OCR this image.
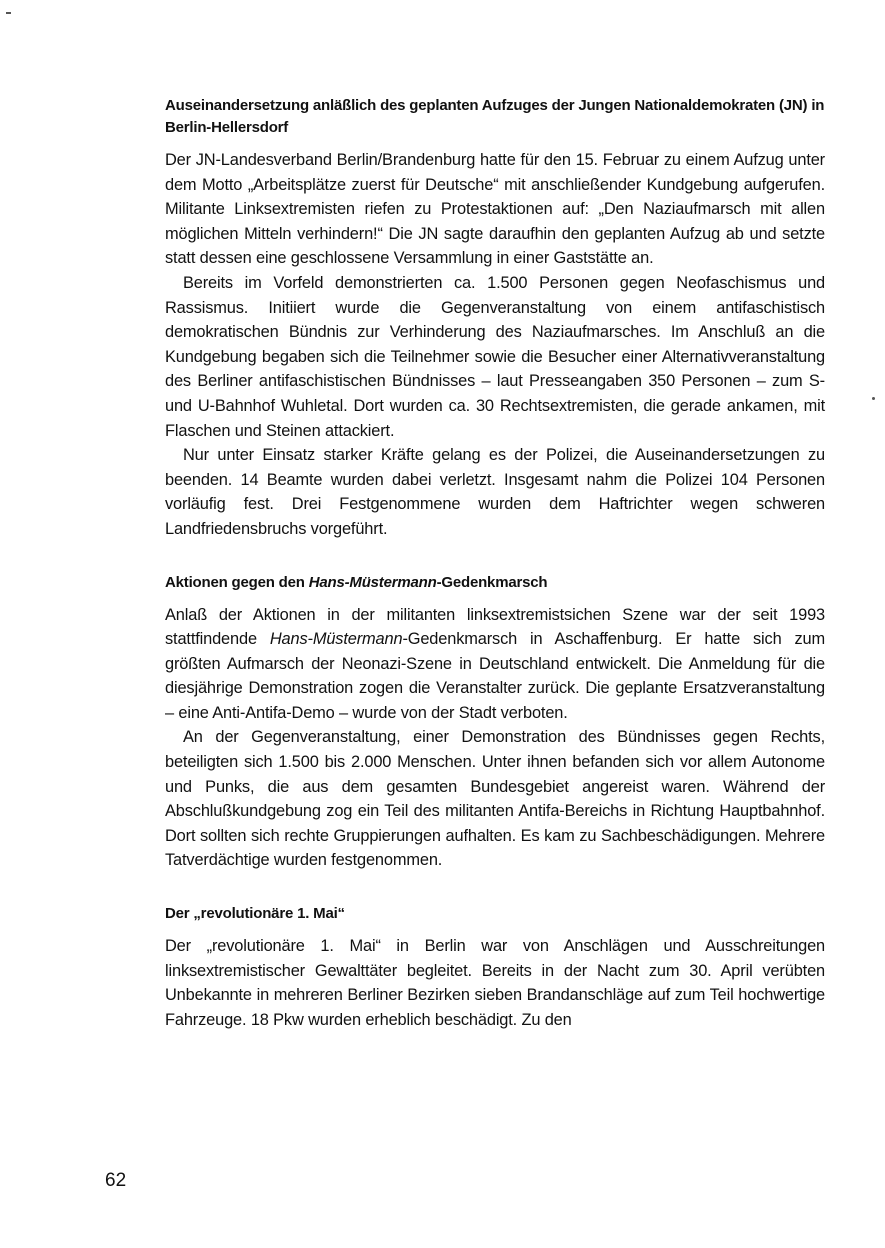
Auseinandersetzung anläßlich des geplanten Aufzuges der Jungen Nationaldemokraten (JN) in Berlin-Hellersdorf

Der JN-Landesverband Berlin/Brandenburg hatte für den 15. Februar zu einem Aufzug unter dem Motto „Arbeitsplätze zuerst für Deutsche“ mit anschließender Kundgebung aufgerufen. Militante Linksextremisten riefen zu Protestaktionen auf: „Den Naziaufmarsch mit allen möglichen Mitteln verhindern!“ Die JN sagte daraufhin den geplanten Aufzug ab und setzte statt dessen eine geschlossene Versammlung in einer Gaststätte an.

Bereits im Vorfeld demonstrierten ca. 1.500 Personen gegen Neofaschismus und Rassismus. Initiiert wurde die Gegenveranstaltung von einem antifaschistisch demokratischen Bündnis zur Verhinderung des Naziaufmarsches. Im Anschluß an die Kundgebung begaben sich die Teilnehmer sowie die Besucher einer Alternativveranstaltung des Berliner antifaschistischen Bündnisses – laut Presseangaben 350 Personen – zum S- und U-Bahnhof Wuhletal. Dort wurden ca. 30 Rechtsextremisten, die gerade ankamen, mit Flaschen und Steinen attackiert.

Nur unter Einsatz starker Kräfte gelang es der Polizei, die Auseinandersetzungen zu beenden. 14 Beamte wurden dabei verletzt. Insgesamt nahm die Polizei 104 Personen vorläufig fest. Drei Festgenommene wurden dem Haftrichter wegen schweren Landfriedensbruchs vorgeführt.

Aktionen gegen den Hans-Müstermann-Gedenkmarsch

Anlaß der Aktionen in der militanten linksextremistsichen Szene war der seit 1993 stattfindende Hans-Müstermann-Gedenkmarsch in Aschaffenburg. Er hatte sich zum größten Aufmarsch der Neonazi-Szene in Deutschland entwickelt. Die Anmeldung für die diesjährige Demonstration zogen die Veranstalter zurück. Die geplante Ersatzveranstaltung – eine Anti-Antifa-Demo – wurde von der Stadt verboten.

An der Gegenveranstaltung, einer Demonstration des Bündnisses gegen Rechts, beteiligten sich 1.500 bis 2.000 Menschen. Unter ihnen befanden sich vor allem Autonome und Punks, die aus dem gesamten Bundesgebiet angereist waren. Während der Abschlußkundgebung zog ein Teil des militanten Antifa-Bereichs in Richtung Hauptbahnhof. Dort sollten sich rechte Gruppierungen aufhalten. Es kam zu Sachbeschädigungen. Mehrere Tatverdächtige wurden festgenommen.

Der „revolutionäre 1. Mai“

Der „revolutionäre 1. Mai“ in Berlin war von Anschlägen und Ausschreitungen linksextremistischer Gewalttäter begleitet. Bereits in der Nacht zum 30. April verübten Unbekannte in mehreren Berliner Bezirken sieben Brandanschläge auf zum Teil hochwertige Fahrzeuge. 18 Pkw wurden erheblich beschädigt. Zu den

62
